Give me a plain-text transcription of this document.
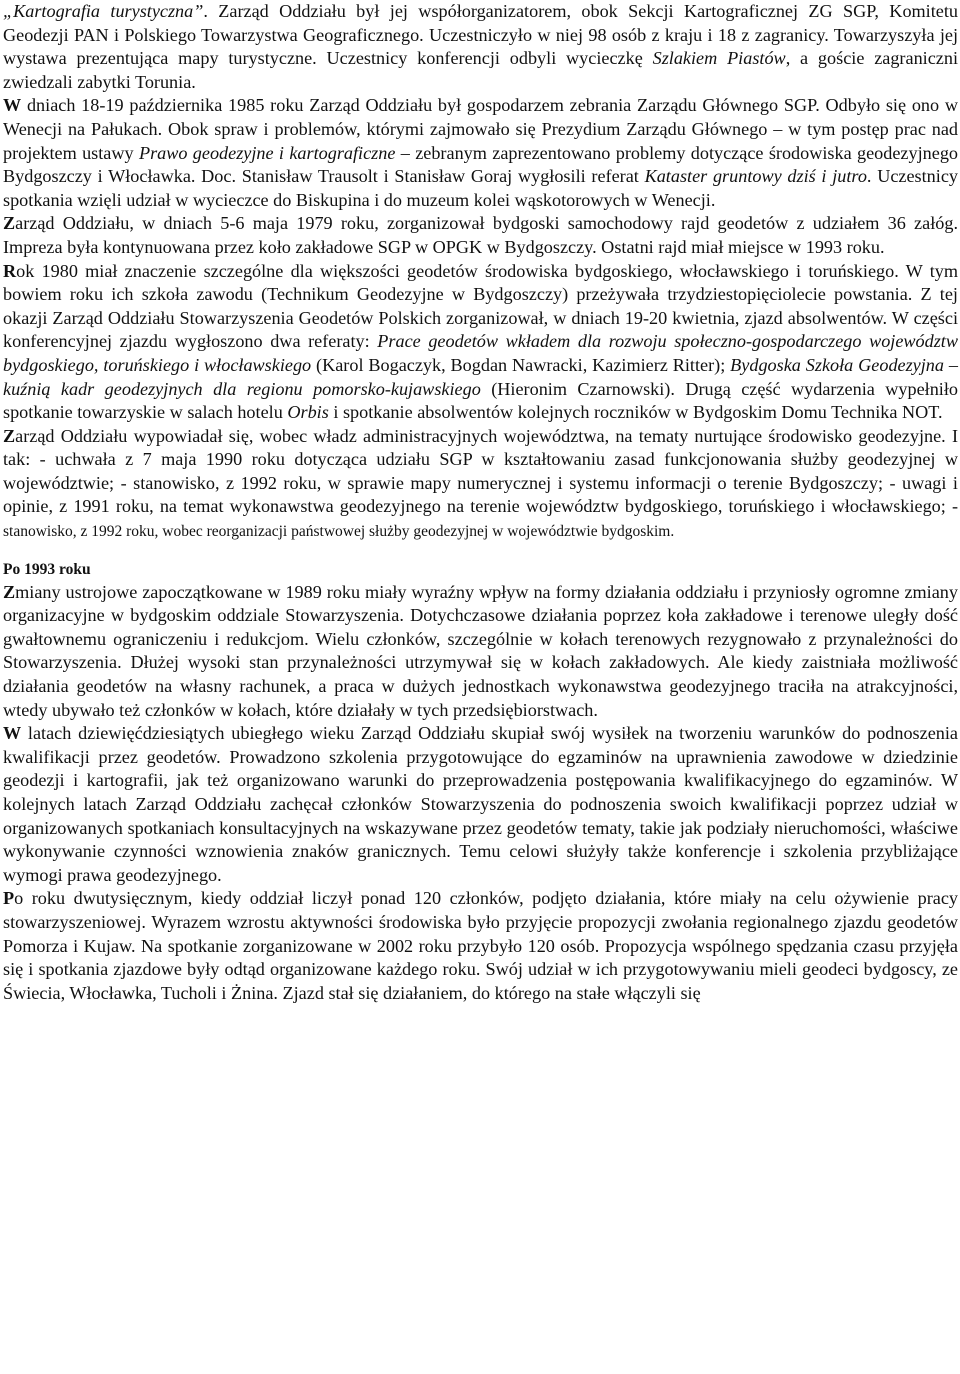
„Kartografia turystyczna”. Zarząd Oddziału był jej współorganizatorem, obok Sekcji Kartograficznej ZG SGP, Komitetu Geodezji PAN i Polskiego Towarzystwa Geograficznego. Uczestniczyło w niej 98 osób z kraju i 18 z zagranicy. Towarzyszyła jej wystawa prezentująca mapy turystyczne. Uczestnicy konferencji odbyli wycieczkę Szlakiem Piastów, a goście zagraniczni zwiedzali zabytki Torunia.

W dniach 18-19 października 1985 roku Zarząd Oddziału był gospodarzem zebrania Zarządu Głównego SGP. Odbyło się ono w Wenecji na Pałukach. Obok spraw i problemów, którymi zajmowało się Prezydium Zarządu Głównego – w tym postęp prac nad projektem ustawy Prawo geodezyjne i kartograficzne – zebranym zaprezentowano problemy dotyczące środowiska geodezyjnego Bydgoszczy i Włocławka. Doc. Stanisław Trausolt i Stanisław Goraj wygłosili referat Kataster gruntowy dziś i jutro. Uczestnicy spotkania wzięli udział w wycieczce do Biskupina i do muzeum kolei wąskotorowych w Wenecji.

Zarząd Oddziału, w dniach 5-6 maja 1979 roku, zorganizował bydgoski samochodowy rajd geodetów z udziałem 36 załóg. Impreza była kontynuowana przez koło zakładowe SGP w OPGK w Bydgoszczy. Ostatni rajd miał miejsce w 1993 roku.

Rok 1980 miał znaczenie szczególne dla większości geodetów środowiska bydgoskiego, włocławskiego i toruńskiego. W tym bowiem roku ich szkoła zawodu (Technikum Geodezyjne w Bydgoszczy) przeżywała trzydziestopięciolecie powstania. Z tej okazji Zarząd Oddziału Stowarzyszenia Geodetów Polskich zorganizował, w dniach 19-20 kwietnia, zjazd absolwentów. W części konferencyjnej zjazdu wygłoszono dwa referaty: Prace geodetów wkładem dla rozwoju społeczno-gospodarczego województw bydgoskiego, toruńskiego i włocławskiego (Karol Bogaczyk, Bogdan Nawracki, Kazimierz Ritter); Bydgoska Szkoła Geodezyjna – kuźnią kadr geodezyjnych dla regionu pomorsko-kujawskiego (Hieronim Czarnowski). Drugą część wydarzenia wypełniło spotkanie towarzyskie w salach hotelu Orbis i spotkanie absolwentów kolejnych roczników w Bydgoskim Domu Technika NOT.

Zarząd Oddziału wypowiadał się, wobec władz administracyjnych województwa, na tematy nurtujące środowisko geodezyjne. I tak: - uchwała z 7 maja 1990 roku dotycząca udziału SGP w kształtowaniu zasad funkcjonowania służby geodezyjnej w województwie; - stanowisko, z 1992 roku, w sprawie mapy numerycznej i systemu informacji o terenie Bydgoszczy; - uwagi i opinie, z 1991 roku, na temat wykonawstwa geodezyjnego na terenie województw bydgoskiego, toruńskiego i włocławskiego; - stanowisko, z 1992 roku, wobec reorganizacji państwowej służby geodezyjnej w województwie bydgoskim.

Po 1993 roku

Zmiany ustrojowe zapoczątkowane w 1989 roku miały wyraźny wpływ na formy działania oddziału i przyniosły ogromne zmiany organizacyjne w bydgoskim oddziale Stowarzyszenia. Dotychczasowe działania poprzez koła zakładowe i terenowe uległy dość gwałtownemu ograniczeniu i redukcjom. Wielu członków, szczególnie w kołach terenowych rezygnowało z przynależności do Stowarzyszenia. Dłużej wysoki stan przynależności utrzymywał się w kołach zakładowych. Ale kiedy zaistniała możliwość działania geodetów na własny rachunek, a praca w dużych jednostkach wykonawstwa geodezyjnego traciła na atrakcyjności, wtedy ubywało też członków w kołach, które działały w tych przedsiębiorstwach.

W latach dziewięćdziesiątych ubiegłego wieku Zarząd Oddziału skupiał swój wysiłek na tworzeniu warunków do podnoszenia kwalifikacji przez geodetów. Prowadzono szkolenia przygotowujące do egzaminów na uprawnienia zawodowe w dziedzinie geodezji i kartografii, jak też organizowano warunki do przeprowadzenia postępowania kwalifikacyjnego do egzaminów. W kolejnych latach Zarząd Oddziału zachęcał członków Stowarzyszenia do podnoszenia swoich kwalifikacji poprzez udział w organizowanych spotkaniach konsultacyjnych na wskazywane przez geodetów tematy, takie jak podziały nieruchomości, właściwe wykonywanie czynności wznowienia znaków granicznych. Temu celowi służyły także konferencje i szkolenia przybliżające wymogi prawa geodezyjnego.

Po roku dwutysięcznym, kiedy oddział liczył ponad 120 członków, podjęto działania, które miały na celu ożywienie pracy stowarzyszeniowej. Wyrazem wzrostu aktywności środowiska było przyjęcie propozycji zwołania regionalnego zjazdu geodetów Pomorza i Kujaw. Na spotkanie zorganizowane w 2002 roku przybyło 120 osób. Propozycja wspólnego spędzania czasu przyjęła się i spotkania zjazdowe były odtąd organizowane każdego roku. Swój udział w ich przygotowywaniu mieli geodeci bydgoscy, ze Świecia, Włocławka, Tucholi i Żnina. Zjazd stał się działaniem, do którego na stałe włączyli się
